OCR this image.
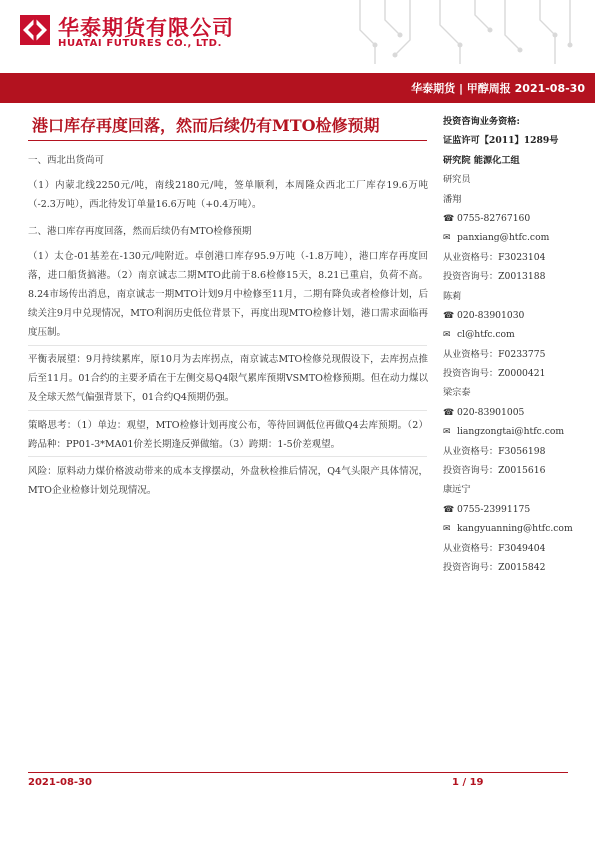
华泰期货有限公司
HUATAI FUTURES CO., LTD.
华泰期货 | 甲醇周报 2021-08-30
港口库存再度回落，然而后续仍有MTO检修预期
一、西北出货尚可
（1）内蒙北线2250元/吨，南线2180元/吨，签单顺利，本周隆众西北工厂库存19.6万吨（-2.3万吨），西北待发订单量16.6万吨（+0.4万吨）。
二、港口库存再度回落，然而后续仍有MTO检修预期
（1）太仓-01基差在-130元/吨附近。卓创港口库存95.9万吨（-1.8万吨），港口库存再度回落，进口船货搞港。（2）南京诚志二期MTO此前于8.6检修15天，8.21已重启，负荷不高。8.24市场传出消息，南京诚志一期MTO计划9月中检修至11月，二期有降负或者检修计划，后续关注9月中兑现情况，MTO利润历史低位背景下，再度出现MTO检修计划，港口需求面临再度压制。
平衡表展望：9月持续累库，原10月为去库拐点，南京诚志MTO检修兑现假设下，去库拐点推后至11月。01合约的主要矛盾在于左侧交易Q4限气累库预期VSMTO检修预期。但在动力煤以及全球天然气偏强背景下，01合约Q4预期仍强。
策略思考：（1）单边：观望，MTO检修计划再度公布，等待回调低位再做Q4去库预期。（2）跨品种：PP01-3*MA01价差长期逢反弹做缩。（3）跨期：1-5价差观望。
风险：原料动力煤价格波动带来的成本支撑摆动，外盘秋检推后情况，Q4气头限产具体情况，MTO企业检修计划兑现情况。
投资咨询业务资格:
证监许可【2011】1289号
研究院 能源化工组
研究员
潘翔
☎ 0755-82767160
✉ panxiang@htfc.com
从业资格号：F3023104
投资咨询号：Z0013188
陈莉
☎ 020-83901030
✉ cl@htfc.com
从业资格号：F0233775
投资咨询号：Z0000421
梁宗泰
☎ 020-83901005
✉ liangzongtai@htfc.com
从业资格号：F3056198
投资咨询号：Z0015616
康远宁
☎ 0755-23991175
✉ kangyuanning@htfc.com
从业资格号：F3049404
投资咨询号：Z0015842
2021-08-30	1 / 19
